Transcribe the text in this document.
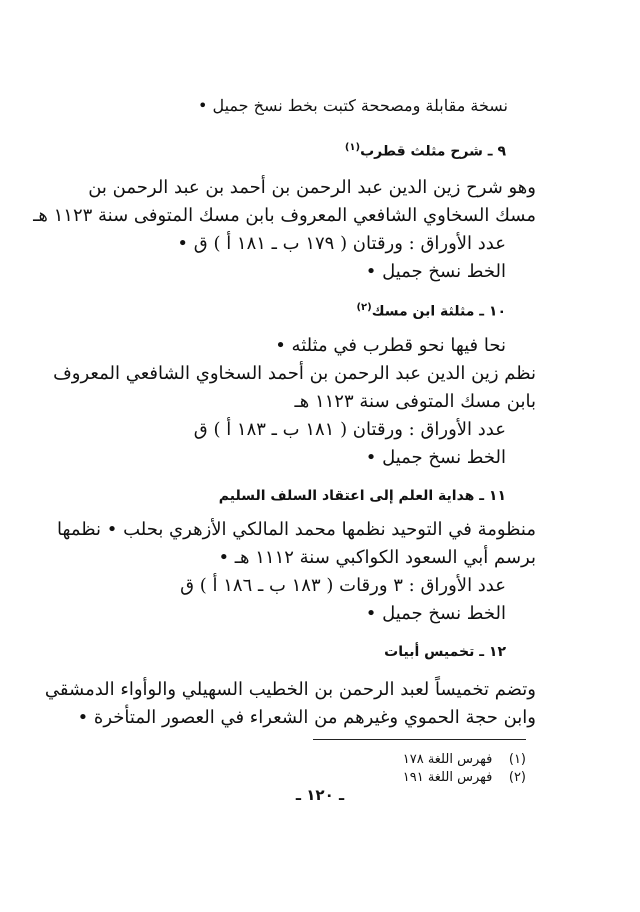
نسخة مقابلة ومصححة كتبت بخط نسخ جميل •
٩ ـ شرح مثلث قطرب$^{(١)}$
وهو شرح زين الدين عبد الرحمن بن أحمد بن عبد الرحمن بن
مسك السخاوي الشافعي المعروف بابن مسك المتوفى سنة ١١٢٣ هـ
عدد الأوراق : ورقتان ( ١٧٩ ب ـ ١٨١ أ ) ق •
الخط نسخ جميل •
١٠ ـ مثلثة ابن مسك$^{(٢)}$
نحا فيها نحو قطرب في مثلثه •
نظم زين الدين عبد الرحمن بن أحمد السخاوي الشافعي المعروف
بابن مسك المتوفى سنة ١١٢٣ هـ
عدد الأوراق : ورقتان ( ١٨١ ب ـ ١٨٣ أ ) ق
الخط نسخ جميل •
١١ ـ هداية العلم إلى اعتقاد السلف السليم
منظومة في التوحيد نظمها محمد المالكي الأزهري بحلب • نظمها
برسم أبي السعود الكواكبي سنة ١١١٢ هـ •
عدد الأوراق : ٣ ورقات ( ١٨٣ ب ـ ١٨٦ أ ) ق
الخط نسخ جميل •
١٢ ـ تخميس أبيات
وتضم تخميساً لعبد الرحمن بن الخطيب السهيلي والوأواء الدمشقي
وابن حجة الحموي وغيرهم من الشعراء في العصور المتأخرة •
(١)    فهرس اللغة ١٧٨
(٢)    فهرس اللغة ١٩١
ـ ١٢٠ ـ
